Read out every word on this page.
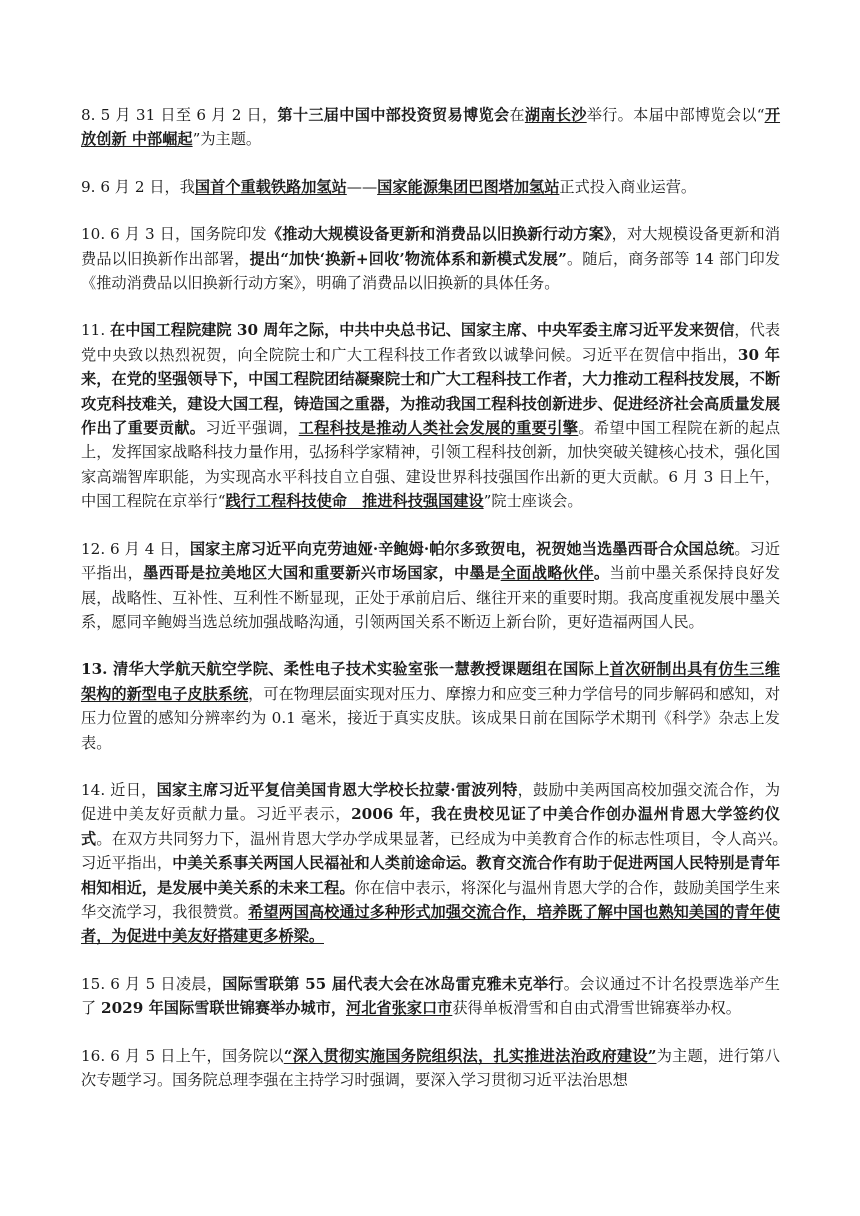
8. 5 月 31 日至 6 月 2 日，第十三届中国中部投资贸易博览会在湖南长沙举行。本届中部博览会以“开放创新 中部崛起”为主题。

9. 6 月 2 日，我国首个重载铁路加氢站——国家能源集团巴图塔加氢站正式投入商业运营。

10. 6 月 3 日，国务院印发《推动大规模设备更新和消费品以旧换新行动方案》，对大规模设备更新和消费品以旧换新作出部署，提出“加快‘换新+回收’物流体系和新模式发展”。随后，商务部等 14 部门印发《推动消费品以旧换新行动方案》，明确了消费品以旧换新的具体任务。

11. 在中国工程院建院 30 周年之际，中共中央总书记、国家主席、中央军委主席习近平发来贺信，代表党中央致以热烈祝贺，向全院院士和广大工程科技工作者致以诚挚问候。习近平在贺信中指出，30 年来，在党的坚强领导下，中国工程院团结凝聚院士和广大工程科技工作者，大力推动工程科技发展，不断攻克科技难关，建设大国工程，铸造国之重器，为推动我国工程科技创新进步、促进经济社会高质量发展作出了重要贡献。习近平强调，工程科技是推动人类社会发展的重要引擎。希望中国工程院在新的起点上，发挥国家战略科技力量作用，弘扬科学家精神，引领工程科技创新，加快突破关键核心技术，强化国家高端智库职能，为实现高水平科技自立自强、建设世界科技强国作出新的更大贡献。6 月 3 日上午，中国工程院在京举行“践行工程科技使命　推进科技强国建设”院士座谈会。

12. 6 月 4 日，国家主席习近平向克劳迪娅·辛鲍姆·帕尔多致贺电，祝贺她当选墨西哥合众国总统。习近平指出，墨西哥是拉美地区大国和重要新兴市场国家，中墨是全面战略伙伴。当前中墨关系保持良好发展，战略性、互补性、互利性不断显现，正处于承前启后、继往开来的重要时期。我高度重视发展中墨关系，愿同辛鲍姆当选总统加强战略沟通，引领两国关系不断迈上新台阶，更好造福两国人民。

13. 清华大学航天航空学院、柔性电子技术实验室张一慧教授课题组在国际上首次研制出具有仿生三维架构的新型电子皮肤系统，可在物理层面实现对压力、摩擦力和应变三种力学信号的同步解码和感知，对压力位置的感知分辨率约为 0.1 毫米，接近于真实皮肤。该成果日前在国际学术期刊《科学》杂志上发表。

14. 近日，国家主席习近平复信美国肯恩大学校长拉蒙·雷波列特，鼓励中美两国高校加强交流合作，为促进中美友好贡献力量。习近平表示，2006 年，我在贵校见证了中美合作创办温州肯恩大学签约仪式。在双方共同努力下，温州肯恩大学办学成果显著，已经成为中美教育合作的标志性项目，令人高兴。　习近平指出，中美关系事关两国人民福祉和人类前途命运。教育交流合作有助于促进两国人民特别是青年相知相近，是发展中美关系的未来工程。你在信中表示，将深化与温州肯恩大学的合作，鼓励美国学生来华交流学习，我很赞赏。希望两国高校通过多种形式加强交流合作，培养既了解中国也熟知美国的青年使者，为促进中美友好搭建更多桥梁。

15. 6 月 5 日凌晨，国际雪联第 55 届代表大会在冰岛雷克雅未克举行。会议通过不计名投票选举产生了 2029 年国际雪联世锦赛举办城市，河北省张家口市获得单板滑雪和自由式滑雪世锦赛举办权。

16. 6 月 5 日上午，国务院以“深入贯彻实施国务院组织法，扎实推进法治政府建设”为主题，进行第八次专题学习。国务院总理李强在主持学习时强调，要深入学习贯彻习近平法治思想
